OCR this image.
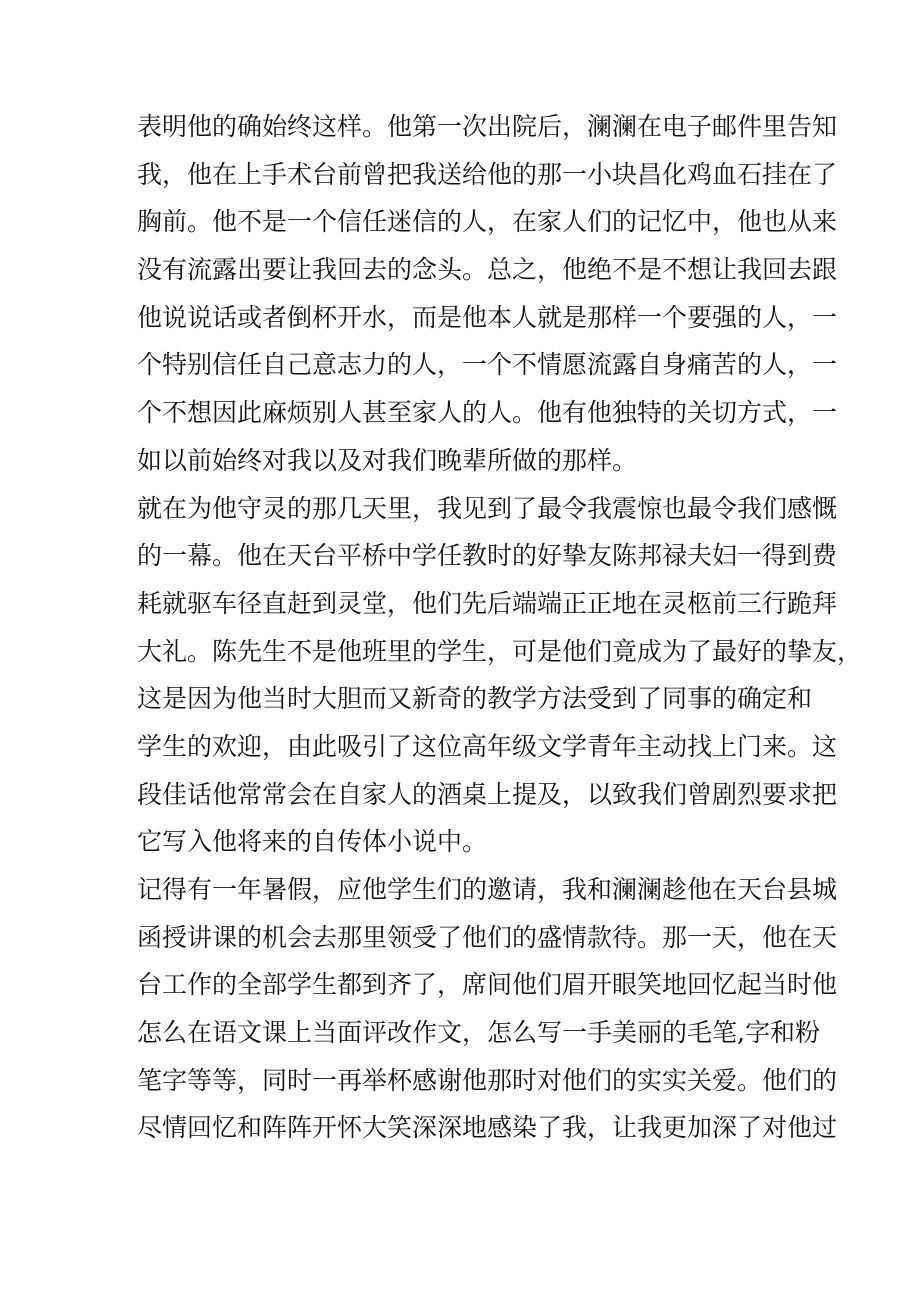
表明他的确始终这样。他第一次出院后，澜澜在电子邮件里告知
我，他在上手术台前曾把我送给他的那一小块昌化鸡血石挂在了
胸前。他不是一个信任迷信的人，在家人们的记忆中，他也从来
没有流露出要让我回去的念头。总之，他绝不是不想让我回去跟
他说说话或者倒杯开水，而是他本人就是那样一个要强的人，一
个特别信任自己意志力的人，一个不情愿流露自身痛苦的人，一
个不想因此麻烦别人甚至家人的人。他有他独特的关切方式，一
如以前始终对我以及对我们晚辈所做的那样。
就在为他守灵的那几天里，我见到了最令我震惊也最令我们感慨
的一幕。他在天台平桥中学任教时的好挚友陈邦禄夫妇一得到费
耗就驱车径直赶到灵堂，他们先后端端正正地在灵柩前三行跪拜
大礼。陈先生不是他班里的学生，可是他们竟成为了最好的挚友，
这是因为他当时大胆而又新奇的教学方法受到了同事的确定和
学生的欢迎，由此吸引了这位高年级文学青年主动找上门来。这
段佳话他常常会在自家人的酒桌上提及，以致我们曾剧烈要求把
它写入他将来的自传体小说中。
记得有一年暑假，应他学生们的邀请，我和澜澜趁他在天台县城
函授讲课的机会去那里领受了他们的盛情款待。那一天，他在天
台工作的全部学生都到齐了，席间他们眉开眼笑地回忆起当时他
怎么在语文课上当面评改作文，怎么写一手美丽的毛笔,字和粉
笔字等等，同时一再举杯感谢他那时对他们的实实关爱。他们的
尽情回忆和阵阵开怀大笑深深地感染了我，让我更加深了对他过
